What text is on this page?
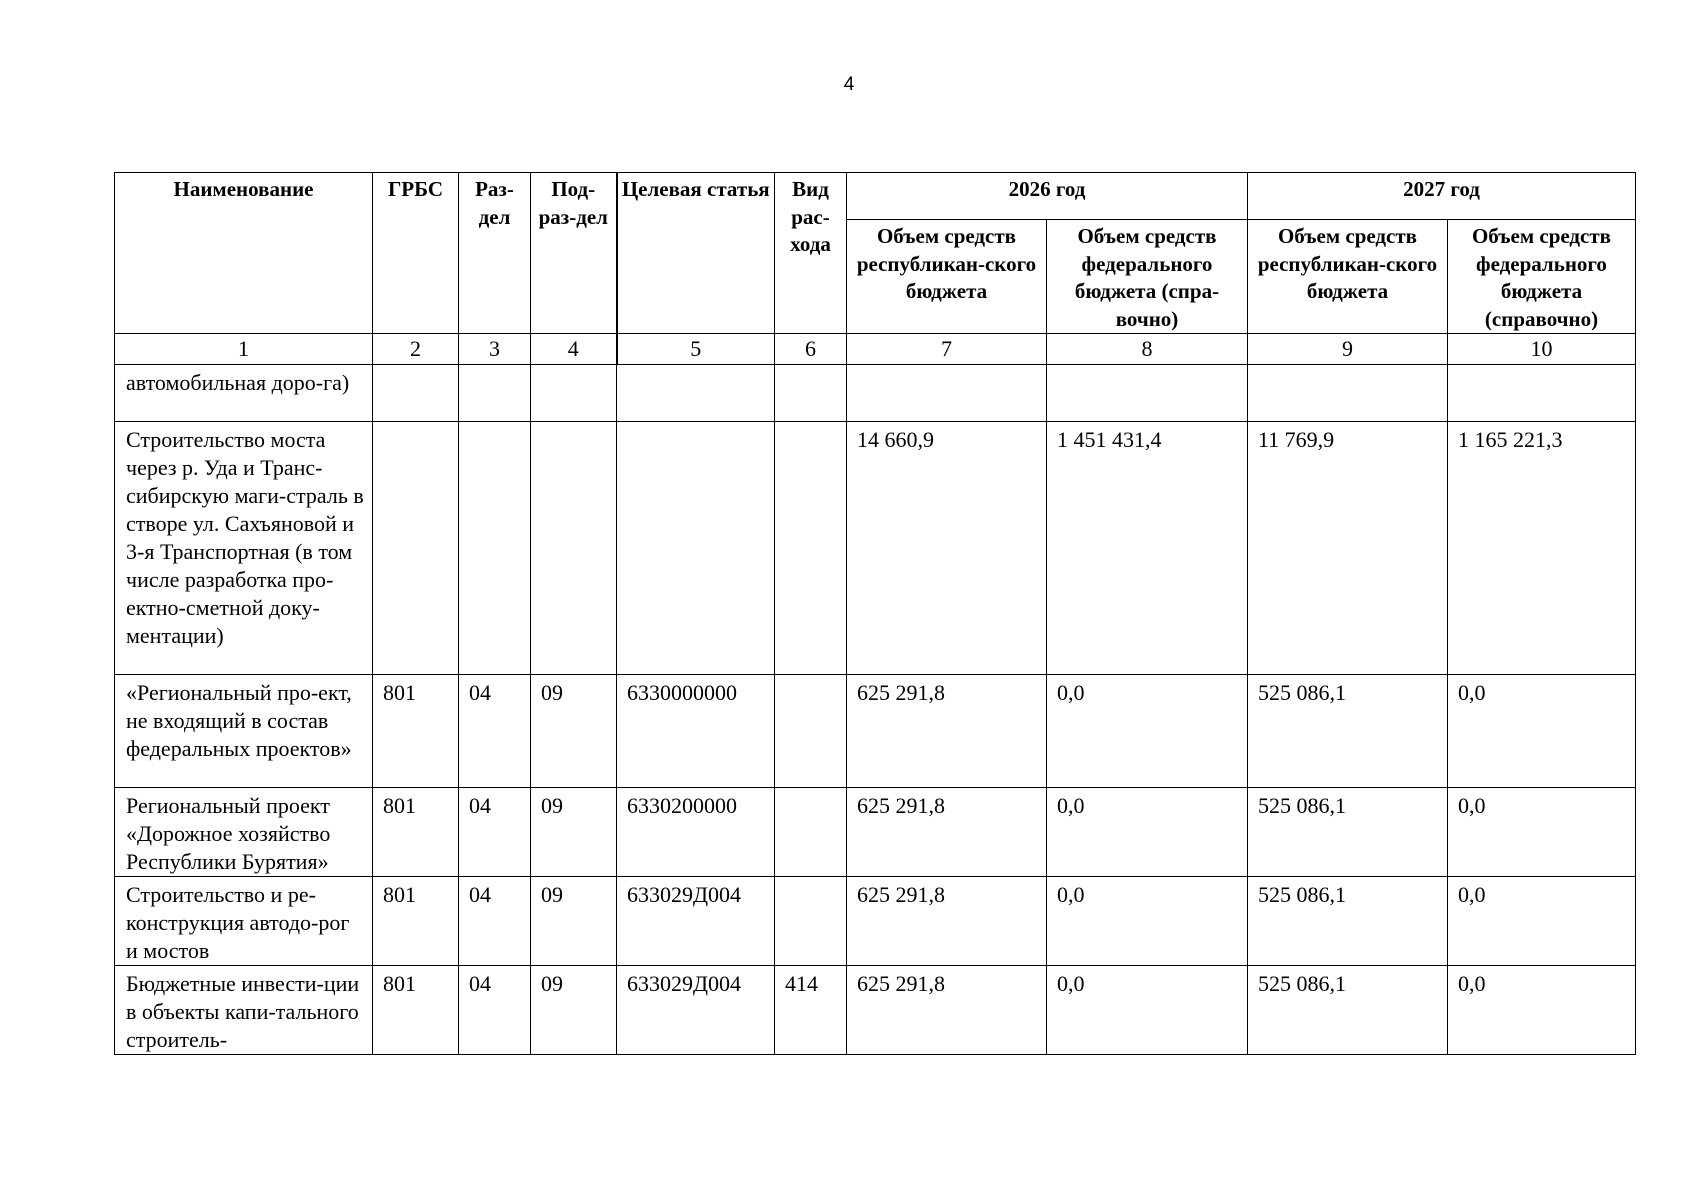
4
Наименование	ГРБС	Раз-дел	Под-раз-дел	Целевая статья	Вид рас-хода	2026 год		2027 год	
						Объем средств республикан-ского бюджета	Объем средств федерального бюджета (спра-вочно)	Объем средств республикан-ского бюджета	Объем средств федерального бюджета (справочно)
1	2	3	4	5	6	7	8	9	10
автомобильная доро-га)									
Строительство моста через р. Уда и Транс-сибирскую маги-страль в створе ул. Сахъяновой и 3-я Транспортная (в том числе разработка про-ектно-сметной доку-ментации)						14 660,9	1 451 431,4	11 769,9	1 165 221,3
«Региональный про-ект, не входящий в состав федеральных проектов»	801	04	09	6330000000		625 291,8	0,0	525 086,1	0,0
Региональный проект «Дорожное хозяйство Республики Бурятия»	801	04	09	6330200000		625 291,8	0,0	525 086,1	0,0
Строительство и ре-конструкция автодо-рог и мостов	801	04	09	633029Д004		625 291,8	0,0	525 086,1	0,0
Бюджетные инвести-ции в объекты капи-тального строитель-	801	04	09	633029Д004	414	625 291,8	0,0	525 086,1	0,0
